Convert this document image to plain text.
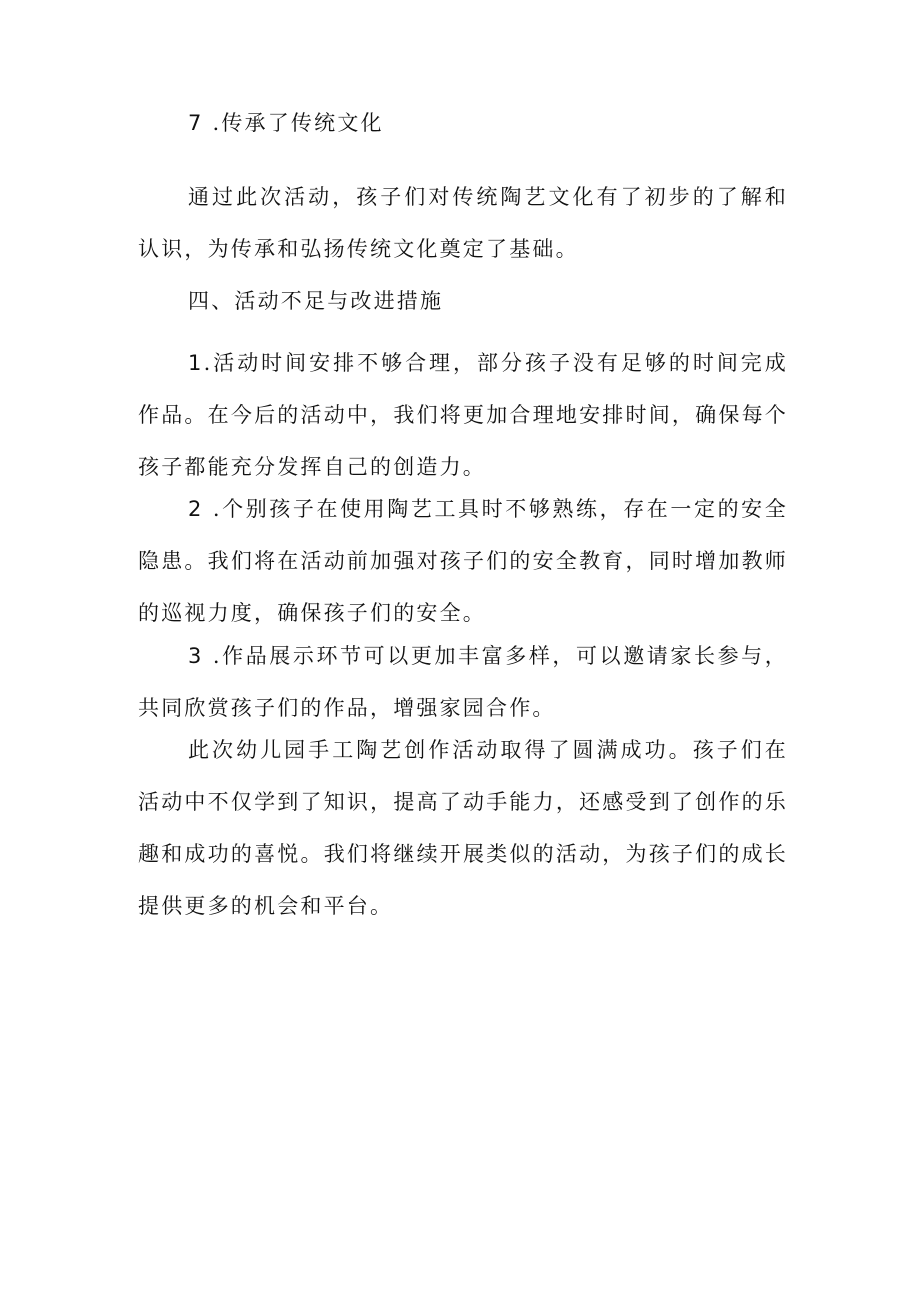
7 .传承了传统文化

通过此次活动，孩子们对传统陶艺文化有了初步的了解和认识，为传承和弘扬传统文化奠定了基础。

四、活动不足与改进措施

1.活动时间安排不够合理，部分孩子没有足够的时间完成作品。在今后的活动中，我们将更加合理地安排时间，确保每个孩子都能充分发挥自己的创造力。

2 .个别孩子在使用陶艺工具时不够熟练，存在一定的安全隐患。我们将在活动前加强对孩子们的安全教育，同时增加教师的巡视力度，确保孩子们的安全。

3 .作品展示环节可以更加丰富多样，可以邀请家长参与，共同欣赏孩子们的作品，增强家园合作。

此次幼儿园手工陶艺创作活动取得了圆满成功。孩子们在活动中不仅学到了知识，提高了动手能力，还感受到了创作的乐趣和成功的喜悦。我们将继续开展类似的活动，为孩子们的成长提供更多的机会和平台。
